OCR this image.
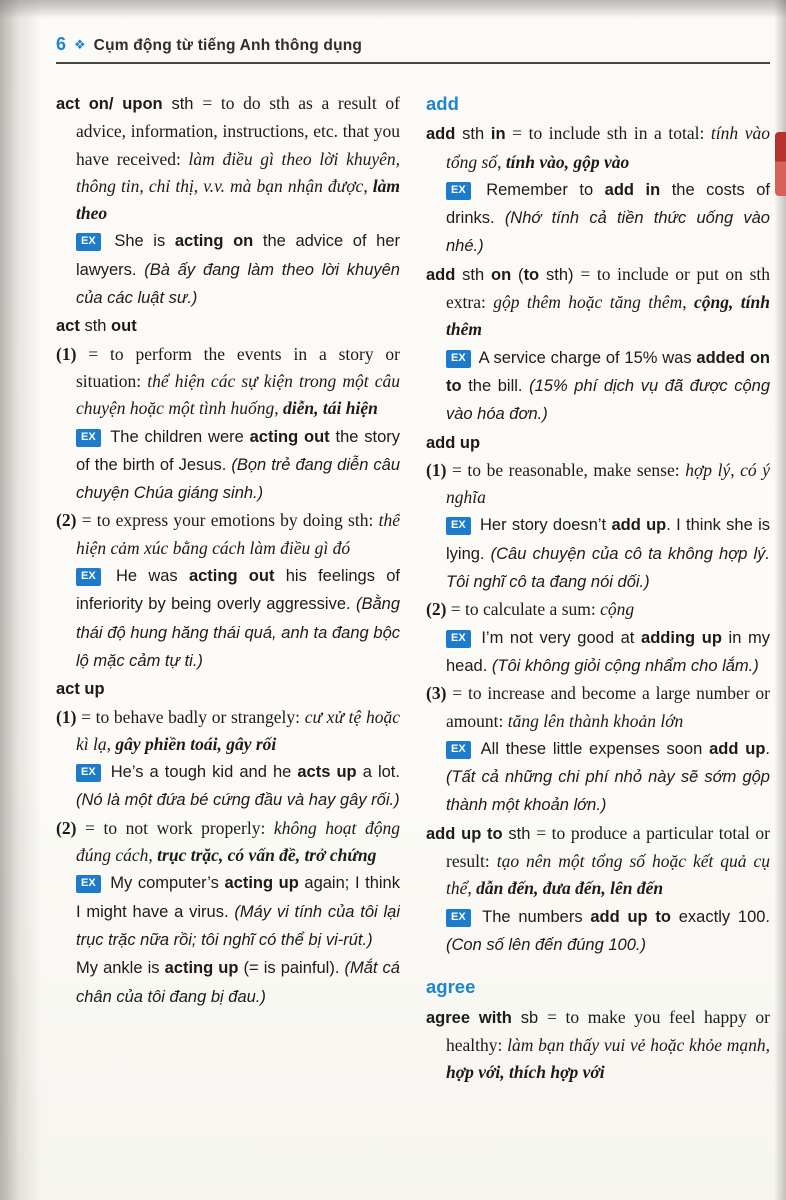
6 ❖ Cụm động từ tiếng Anh thông dụng

act on/ upon sth = to do sth as a result of advice, information, instructions, etc. that you have received: làm điều gì theo lời khuyên, thông tin, chỉ thị, v.v. mà bạn nhận được, làm theo

EX She is acting on the advice of her lawyers. (Bà ấy đang làm theo lời khuyên của các luật sư.)

act sth out

(1) = to perform the events in a story or situation: thể hiện các sự kiện trong một câu chuyện hoặc một tình huống, diễn, tái hiện

EX The children were acting out the story of the birth of Jesus. (Bọn trẻ đang diễn câu chuyện Chúa giáng sinh.)

(2) = to express your emotions by doing sth: thể hiện cảm xúc bằng cách làm điều gì đó

EX He was acting out his feelings of inferiority by being overly aggressive. (Bằng thái độ hung hăng thái quá, anh ta đang bộc lộ mặc cảm tự ti.)

act up

(1) = to behave badly or strangely: cư xử tệ hoặc kì lạ, gây phiền toái, gây rối

EX He’s a tough kid and he acts up a lot. (Nó là một đứa bé cứng đầu và hay gây rối.)

(2) = to not work properly: không hoạt động đúng cách, trục trặc, có vấn đề, trở chứng

EX My computer’s acting up again; I think I might have a virus. (Máy vi tính của tôi lại trục trặc nữa rồi; tôi nghĩ có thể bị vi-rút.)

My ankle is acting up (= is painful). (Mắt cá chân của tôi đang bị đau.)

add

add sth in = to include sth in a total: tính vào tổng số, tính vào, gộp vào

EX Remember to add in the costs of drinks. (Nhớ tính cả tiền thức uống vào nhé.)

add sth on (to sth) = to include or put on sth extra: gộp thêm hoặc tăng thêm, cộng, tính thêm

EX A service charge of 15% was added on to the bill. (15% phí dịch vụ đã được cộng vào hóa đơn.)

add up

(1) = to be reasonable, make sense: hợp lý, có ý nghĩa

EX Her story doesn’t add up. I think she is lying. (Câu chuyện của cô ta không hợp lý. Tôi nghĩ cô ta đang nói dối.)

(2) = to calculate a sum: cộng

EX I’m not very good at adding up in my head. (Tôi không giỏi cộng nhẩm cho lắm.)

(3) = to increase and become a large number or amount: tăng lên thành khoản lớn

EX All these little expenses soon add up. (Tất cả những chi phí nhỏ này sẽ sớm gộp thành một khoản lớn.)

add up to sth = to produce a particular total or result: tạo nên một tổng số hoặc kết quả cụ thể, dẫn đến, đưa đến, lên đến

EX The numbers add up to exactly 100. (Con số lên đến đúng 100.)

agree

agree with sb = to make you feel happy or healthy: làm bạn thấy vui vẻ hoặc khỏe mạnh, hợp với, thích hợp với
